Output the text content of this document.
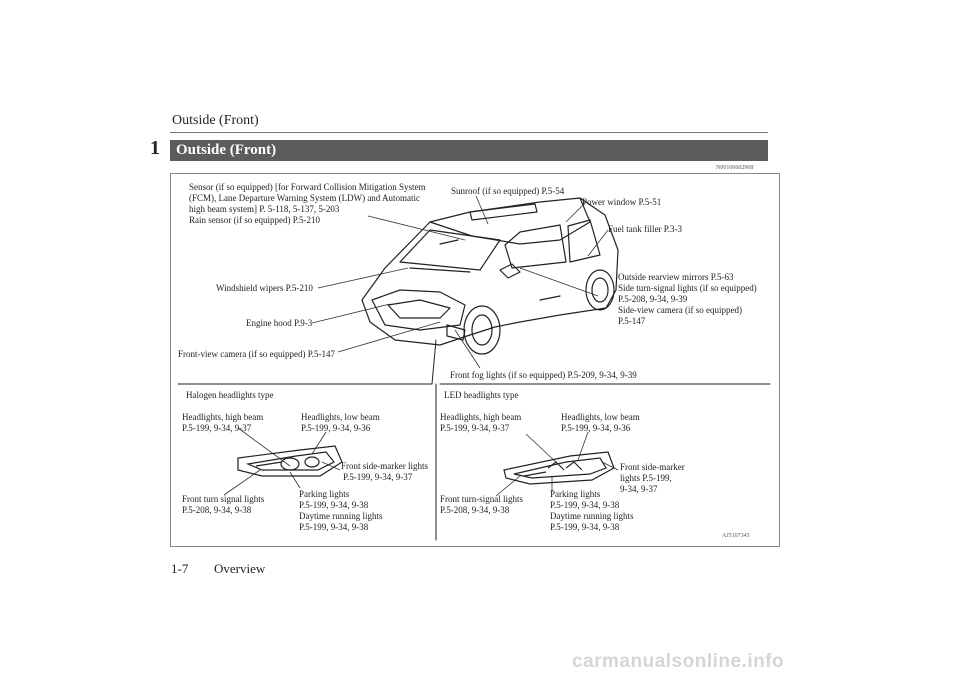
Outside (Front)
1 Outside (Front)
N00100602968
Sensor (if so equipped) [for Forward Collision Mitigation System
(FCM), Lane Departure Warning System (LDW) and Automatic
high beam system] P. 5-118, 5-137, 5-203
Rain sensor (if so equipped) P.5-210
Sunroof (if so equipped) P.5-54
Power window P.5-51
Fuel tank filler P.3-3
Outside rearview mirrors P.5-63
Side turn-signal lights (if so equipped)
P.5-208, 9-34, 9-39
Side-view camera (if so equipped)
P.5-147
Windshield wipers P.5-210
Engine hood P.9-3
Front-view camera (if so equipped) P.5-147
Front fog lights (if so equipped) P.5-209, 9-34, 9-39
Halogen headlights type
Headlights, high beam
P.5-199, 9-34, 9-37
Headlights, low beam
P.5-199, 9-34, 9-36
Front side-marker lights
P.5-199, 9-34, 9-37
Front turn signal lights
P.5-208, 9-34, 9-38
Parking lights
P.5-199, 9-34, 9-38
Daytime running lights
P.5-199, 9-34, 9-38
LED headlights type
Headlights, high beam
P.5-199, 9-34, 9-37
Headlights, low beam
P.5-199, 9-34, 9-36
Front side-marker
lights P.5-199,
9-34, 9-37
Front turn-signal lights
P.5-208, 9-34, 9-38
Parking lights
P.5-199, 9-34, 9-38
Daytime running lights
P.5-199, 9-34, 9-38
AJ5107345
1-7 Overview
carmanualsonline.info
